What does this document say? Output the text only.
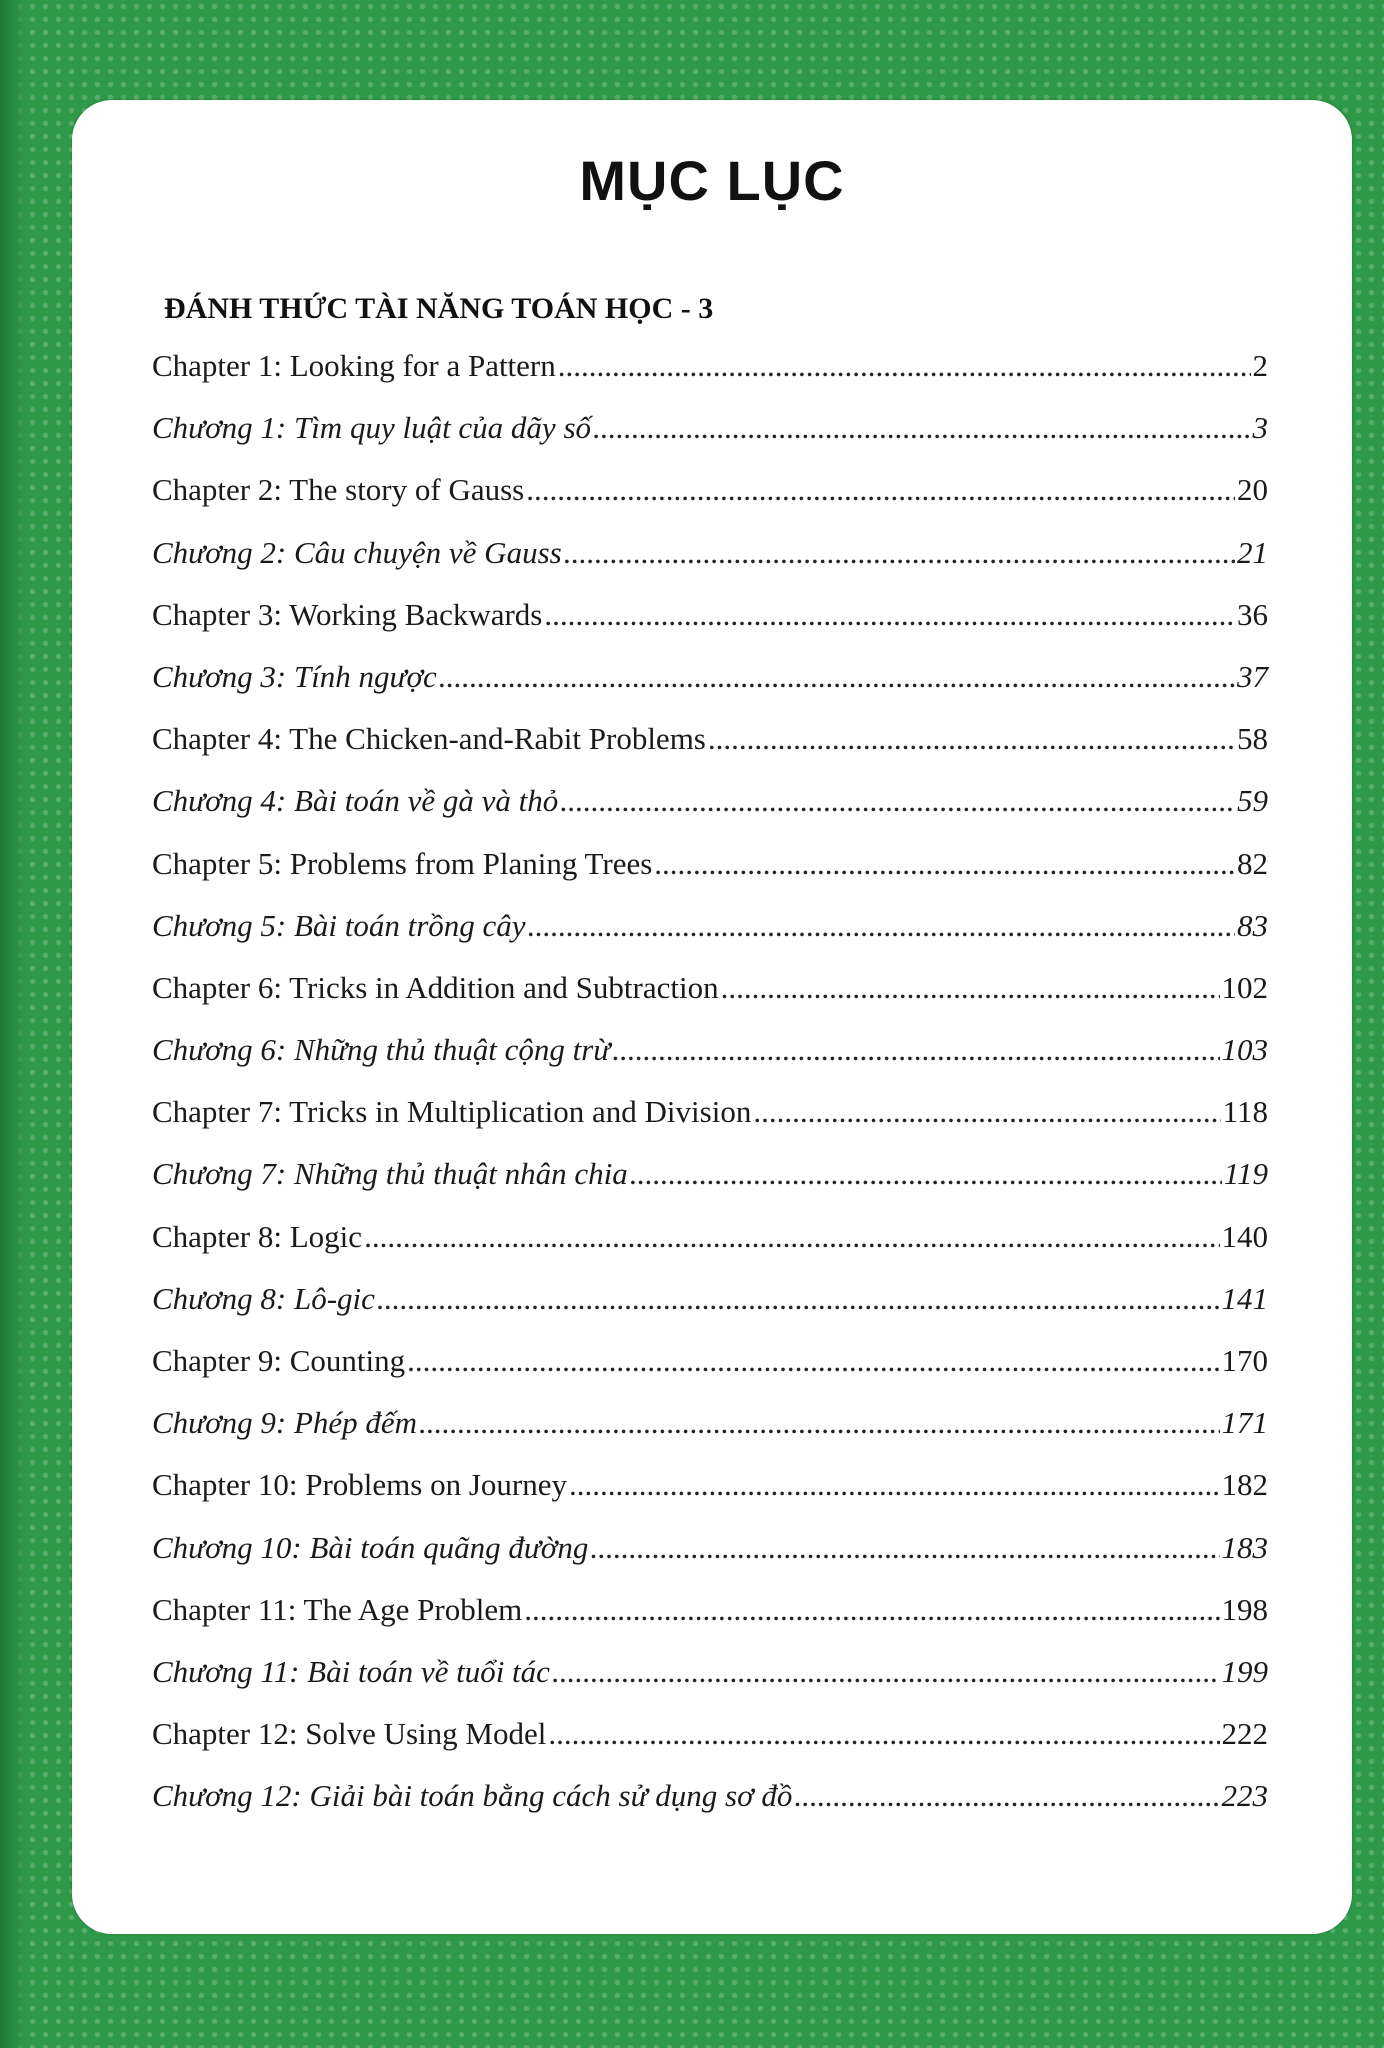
MỤC LỤC
ĐÁNH THỨC TÀI NĂNG TOÁN HỌC - 3
Chapter 1: Looking for a Pattern .....	2
Chương 1: Tìm quy luật của dãy số .....	3
Chapter 2: The story of Gauss .....	20
Chương 2: Câu chuyện về Gauss .....	21
Chapter 3: Working Backwards .....	36
Chương 3: Tính ngược .....	37
Chapter 4: The Chicken-and-Rabit Problems .....	58
Chương 4: Bài toán về gà và thỏ .....	59
Chapter 5: Problems from Planing Trees .....	82
Chương 5: Bài toán trồng cây .....	83
Chapter 6: Tricks in Addition and Subtraction .....	102
Chương 6: Những thủ thuật cộng trừ .....	103
Chapter 7: Tricks in Multiplication and Division .....	118
Chương 7: Những thủ thuật nhân chia .....	119
Chapter 8: Logic .....	140
Chương 8: Lô-gic .....	141
Chapter 9: Counting .....	170
Chương 9: Phép đếm .....	171
Chapter 10: Problems on Journey .....	182
Chương 10: Bài toán quãng đường .....	183
Chapter 11: The Age Problem .....	198
Chương 11: Bài toán về tuổi tác .....	199
Chapter 12: Solve Using Model .....	222
Chương 12: Giải bài toán bằng cách sử dụng sơ đồ .....	223
